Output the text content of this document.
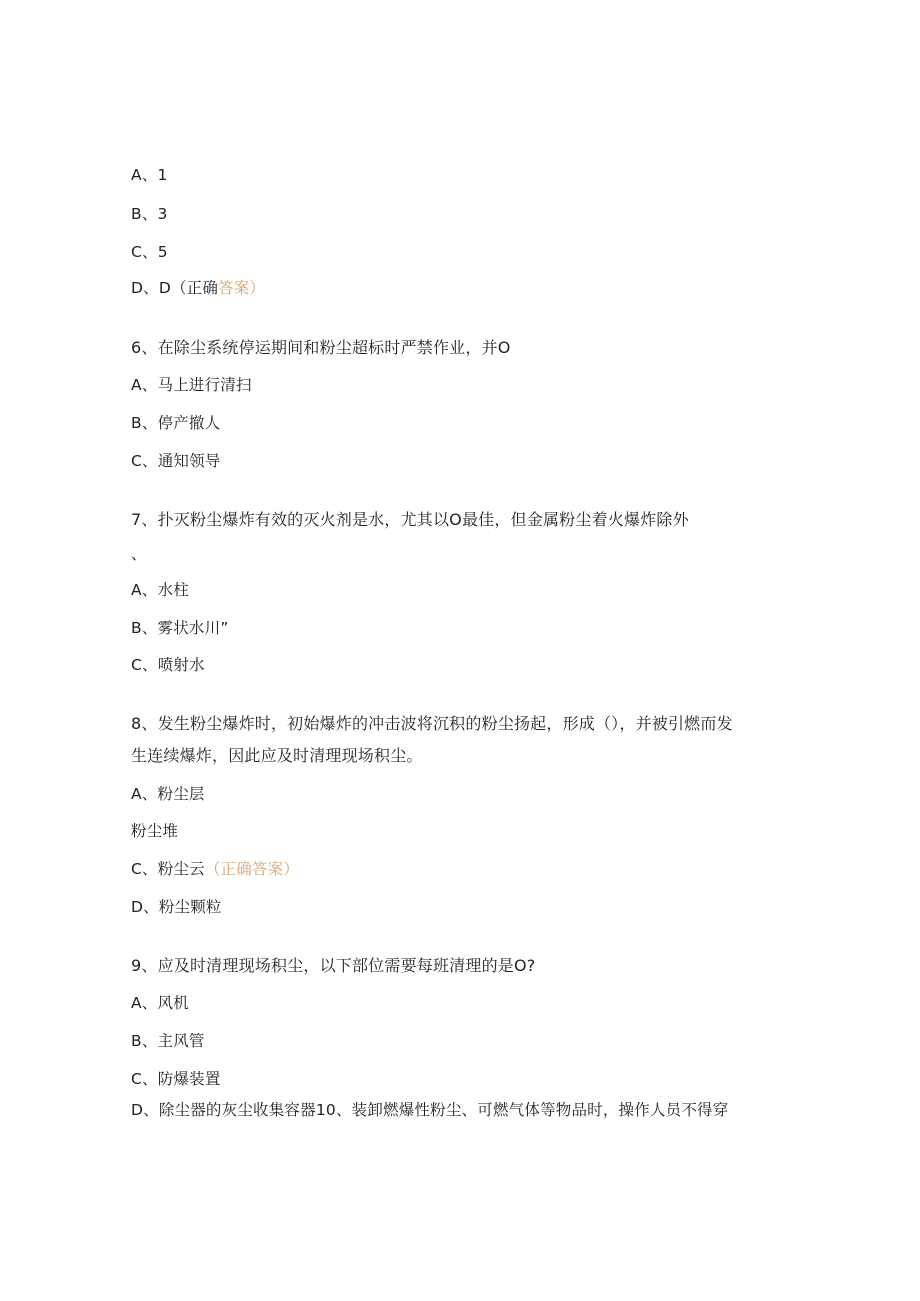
A、1
B、3
C、5
D、D（正确答案）
6、在除尘系统停运期间和粉尘超标时严禁作业，并O
A、马上进行清扫
B、停产撤人
C、通知领导
7、扑灭粉尘爆炸有效的灭火剂是水，尤其以O最佳，但金属粉尘着火爆炸除外
、
A、水柱
B、雾状水川”
C、喷射水
8、发生粉尘爆炸时，初始爆炸的冲击波将沉积的粉尘扬起，形成（），并被引燃而发
生连续爆炸，因此应及时清理现场积尘。
A、粉尘层
粉尘堆
C、粉尘云（正确答案）
D、粉尘颗粒
9、应及时清理现场积尘，以下部位需要每班清理的是O?
A、风机
B、主风管
C、防爆装置
D、除尘器的灰尘收集容器10、装卸燃爆性粉尘、可燃气体等物品时，操作人员不得穿
